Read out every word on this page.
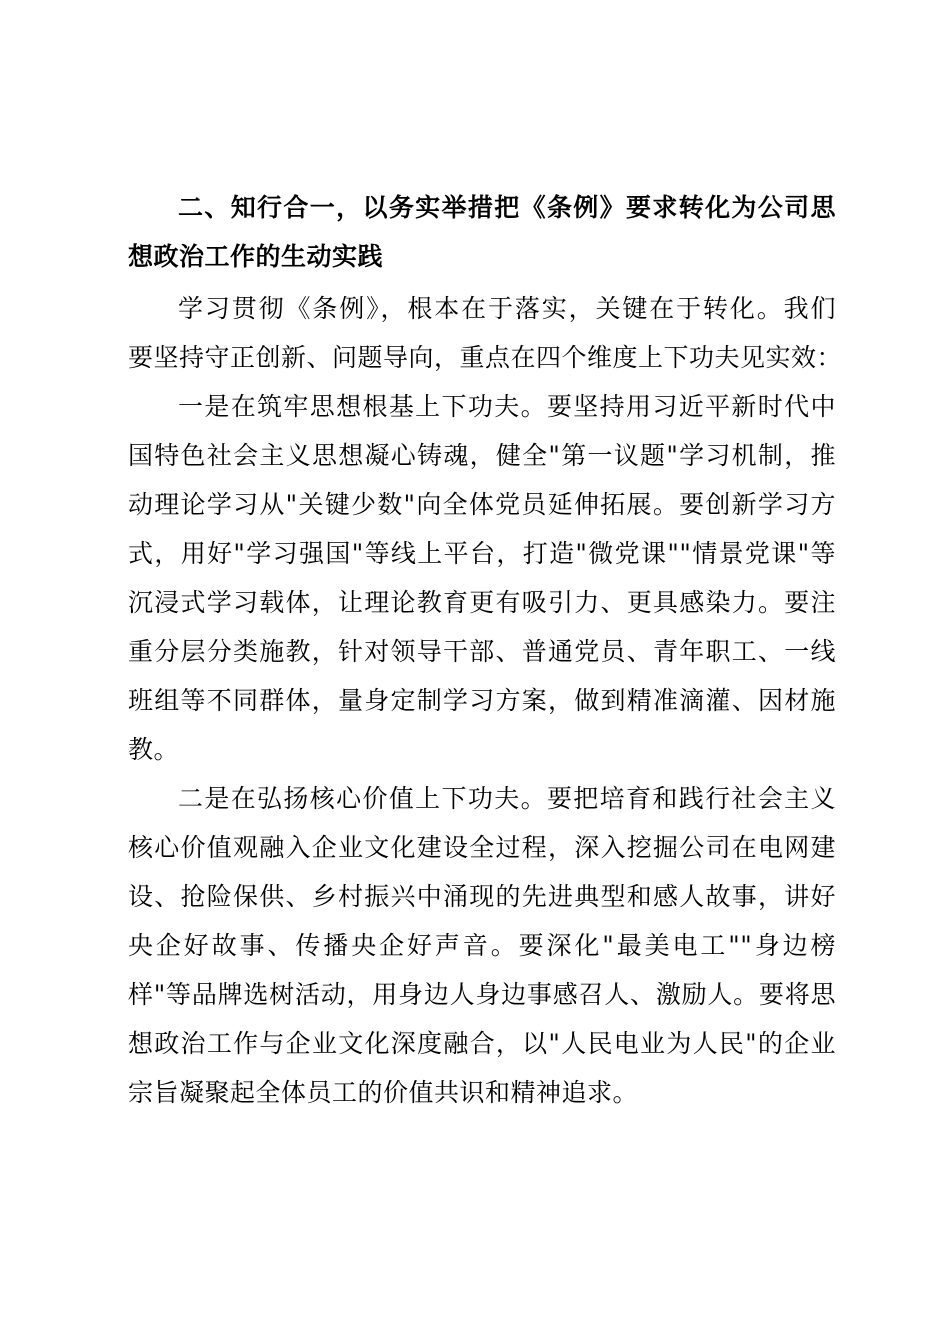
二、知行合一，以务实举措把《条例》要求转化为公司思
想政治工作的生动实践

学习贯彻《条例》，根本在于落实，关键在于转化。我们
要坚持守正创新、问题导向，重点在四个维度上下功夫见实效：

一是在筑牢思想根基上下功夫。要坚持用习近平新时代中
国特色社会主义思想凝心铸魂，健全"第一议题"学习机制，推
动理论学习从"关键少数"向全体党员延伸拓展。要创新学习方
式，用好"学习强国"等线上平台，打造"微党课""情景党课"等
沉浸式学习载体，让理论教育更有吸引力、更具感染力。要注
重分层分类施教，针对领导干部、普通党员、青年职工、一线
班组等不同群体，量身定制学习方案，做到精准滴灌、因材施
教。

二是在弘扬核心价值上下功夫。要把培育和践行社会主义
核心价值观融入企业文化建设全过程，深入挖掘公司在电网建
设、抢险保供、乡村振兴中涌现的先进典型和感人故事，讲好
央企好故事、传播央企好声音。要深化"最美电工""身边榜
样"等品牌选树活动，用身边人身边事感召人、激励人。要将思
想政治工作与企业文化深度融合，以"人民电业为人民"的企业
宗旨凝聚起全体员工的价值共识和精神追求。
